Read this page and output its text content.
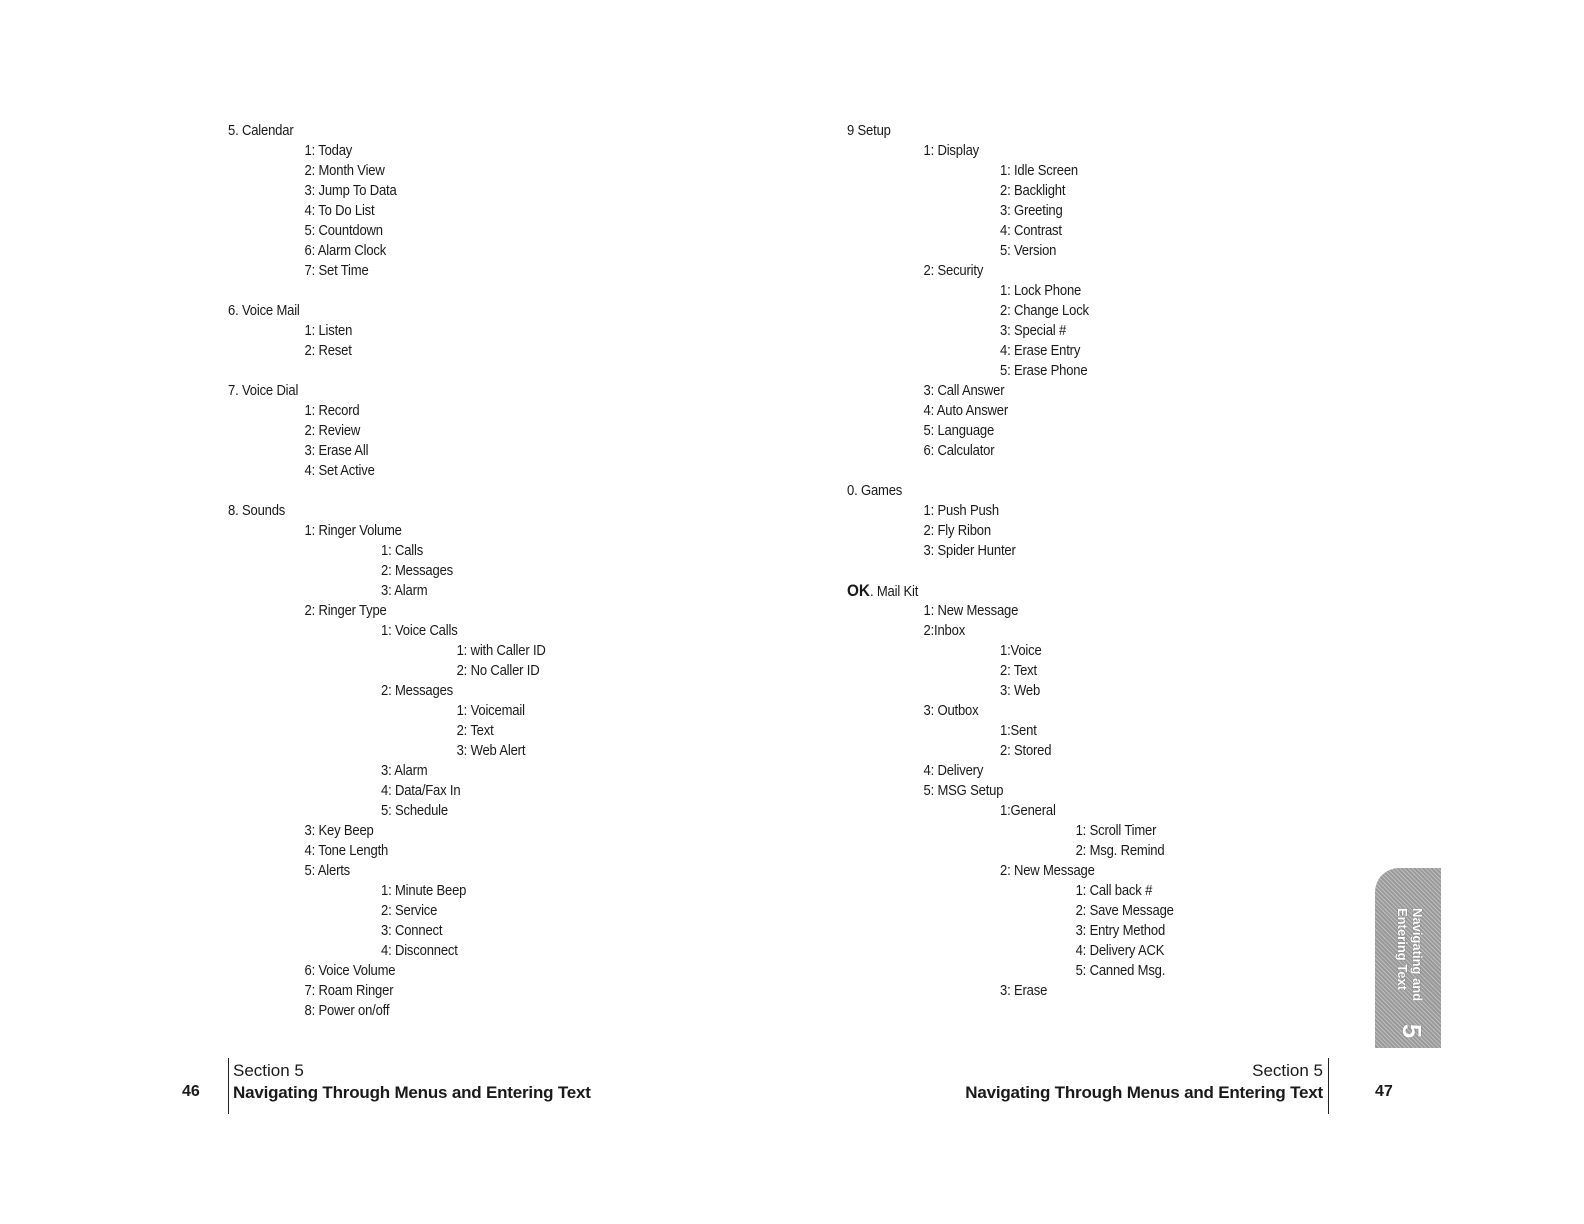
5. Calendar
1: Today
2: Month View
3: Jump To Data
4: To Do List
5: Countdown
6: Alarm Clock
7: Set Time
6. Voice Mail
1: Listen
2: Reset
7. Voice Dial
1: Record
2: Review
3: Erase All
4: Set Active
8. Sounds
1: Ringer Volume
1: Calls
2: Messages
3: Alarm
2: Ringer Type
1: Voice Calls
1: with Caller ID
2: No Caller ID
2: Messages
1: Voicemail
2: Text
3: Web Alert
3: Alarm
4: Data/Fax In
5: Schedule
3: Key Beep
4: Tone Length
5: Alerts
1: Minute Beep
2: Service
3: Connect
4: Disconnect
6: Voice Volume
7: Roam Ringer
8: Power on/off
9 Setup
1: Display
1: Idle Screen
2: Backlight
3: Greeting
4: Contrast
5: Version
2: Security
1: Lock Phone
2: Change Lock
3: Special #
4: Erase Entry
5: Erase Phone
3: Call Answer
4: Auto Answer
5: Language
6: Calculator
0. Games
1: Push Push
2: Fly Ribon
3: Spider Hunter
OK. Mail Kit
1: New Message
2:Inbox
1:Voice
2: Text
3: Web
3: Outbox
1:Sent
2: Stored
4: Delivery
5: MSG Setup
1:General
1: Scroll Timer
2: Msg. Remind
2: New Message
1: Call back #
2: Save Message
3: Entry Method
4: Delivery ACK
5: Canned Msg.
3: Erase
46
Section 5
Navigating Through Menus and Entering Text
Section 5
Navigating Through Menus and Entering Text	47
Navigating and
Entering Text
5
